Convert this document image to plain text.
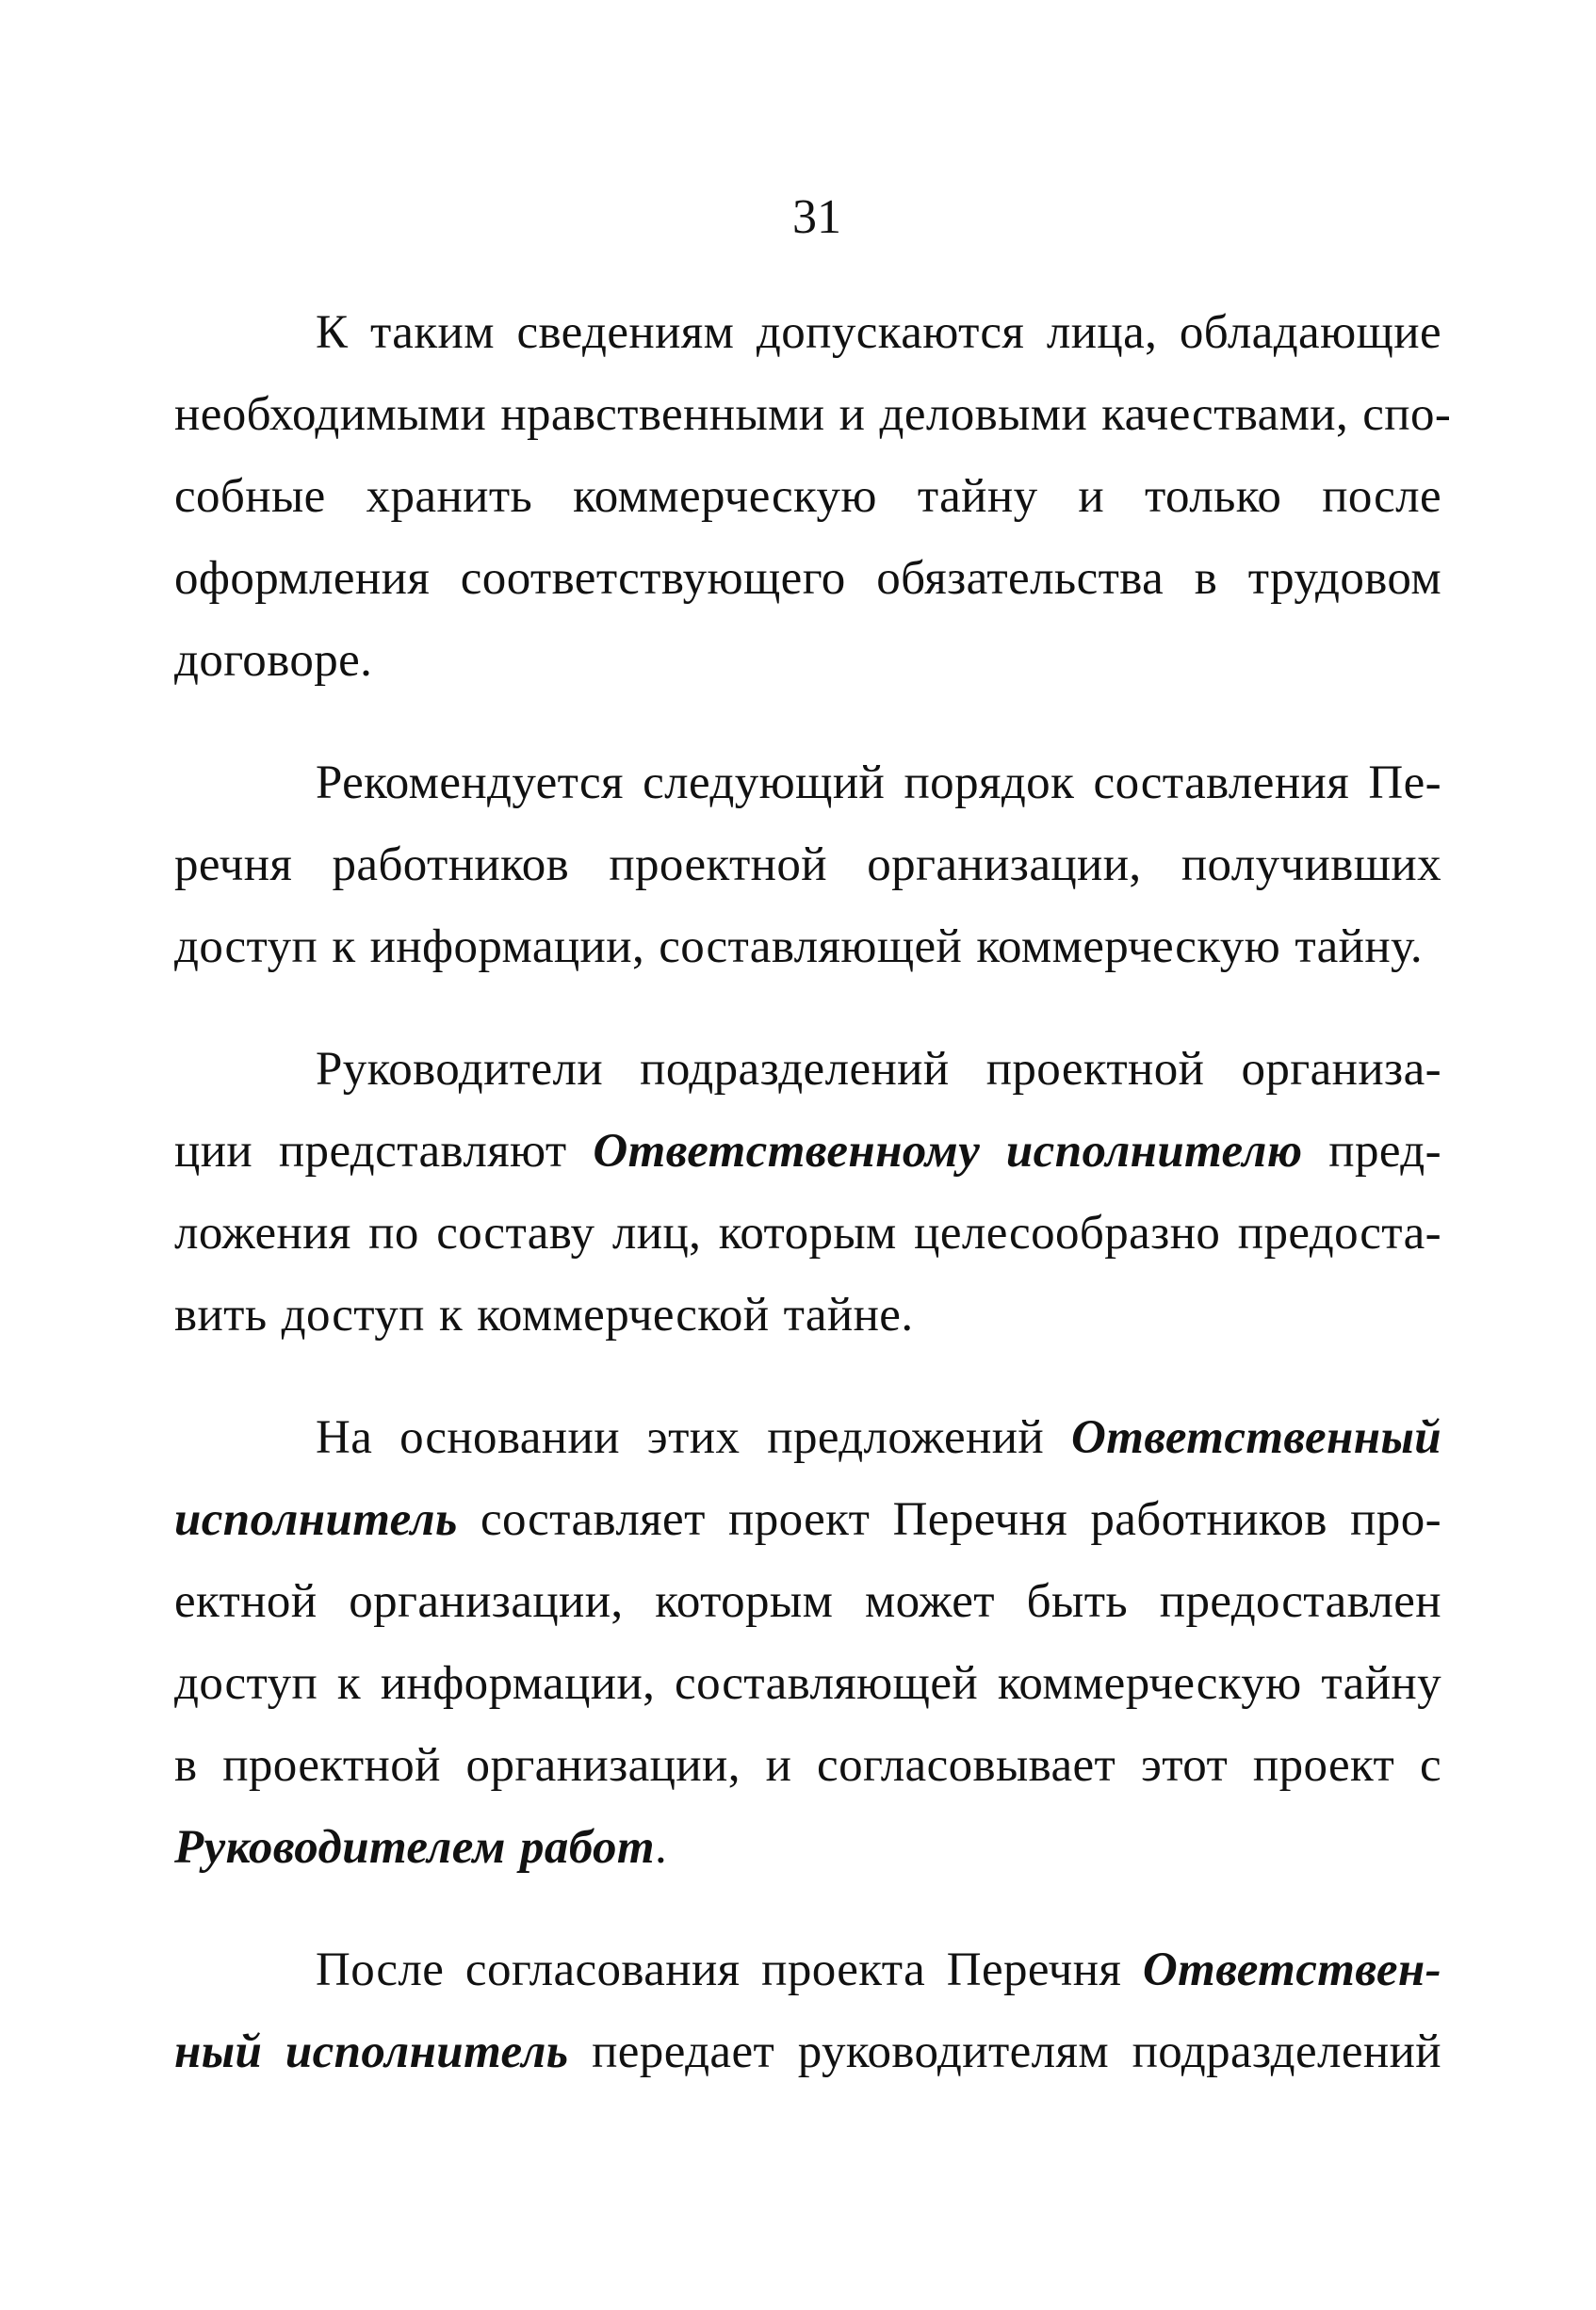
31

К таким сведениям допускаются лица, обладающие
необходимыми нравственными и деловыми качествами, спо-
собные хранить коммерческую тайну и только после
оформления соответствующего обязательства в трудовом
договоре.

Рекомендуется следующий порядок составления Пе-
речня работников проектной организации, получивших
доступ к информации, составляющей коммерческую тайну.

Руководители подразделений проектной организа-
ции представляют Ответственному исполнителю пред-
ложения по составу лиц, которым целесообразно предоста-
вить доступ к коммерческой тайне.

На основании этих предложений Ответственный
исполнитель составляет проект Перечня работников про-
ектной организации, которым может быть предоставлен
доступ к информации, составляющей коммерческую тайну
в проектной организации, и согласовывает этот проект с
Руководителем работ.

После согласования проекта Перечня Ответствен-
ный исполнитель передает руководителям подразделений
